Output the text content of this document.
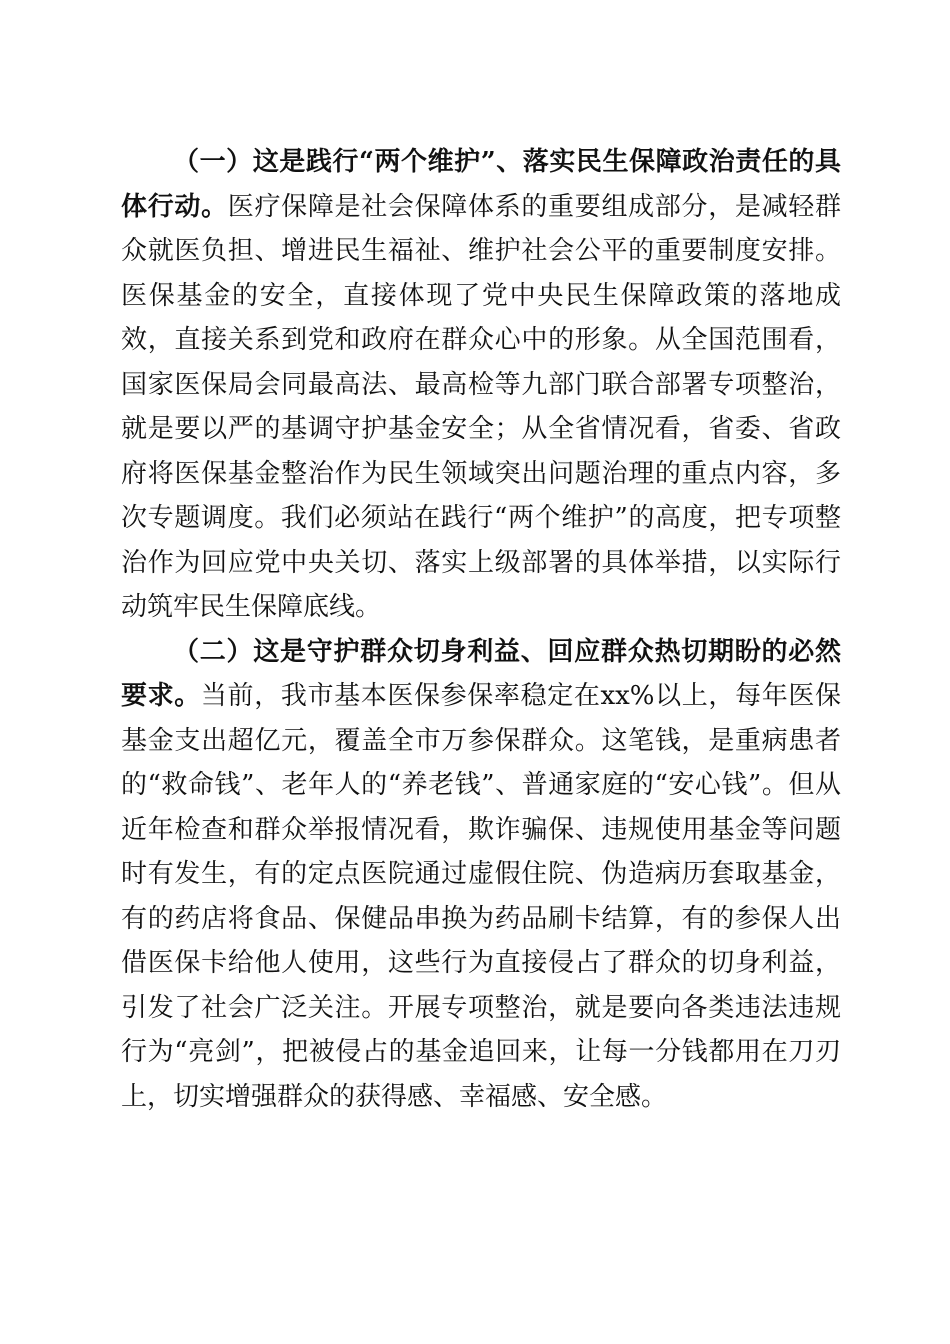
（一）这是践行“两个维护”、落实民生保障政治责任的具体行动。医疗保障是社会保障体系的重要组成部分，是减轻群众就医负担、增进民生福祉、维护社会公平的重要制度安排。医保基金的安全，直接体现了党中央民生保障政策的落地成效，直接关系到党和政府在群众心中的形象。从全国范围看，国家医保局会同最高法、最高检等九部门联合部署专项整治，就是要以严的基调守护基金安全；从全省情况看，省委、省政府将医保基金整治作为民生领域突出问题治理的重点内容，多次专题调度。我们必须站在践行“两个维护”的高度，把专项整治作为回应党中央关切、落实上级部署的具体举措，以实际行动筑牢民生保障底线。

（二）这是守护群众切身利益、回应群众热切期盼的必然要求。当前，我市基本医保参保率稳定在xx%以上，每年医保基金支出超亿元，覆盖全市万参保群众。这笔钱，是重病患者的“救命钱”、老年人的“养老钱”、普通家庭的“安心钱”。但从近年检查和群众举报情况看，欺诈骗保、违规使用基金等问题时有发生，有的定点医院通过虚假住院、伪造病历套取基金，有的药店将食品、保健品串换为药品刷卡结算，有的参保人出借医保卡给他人使用，这些行为直接侵占了群众的切身利益，引发了社会广泛关注。开展专项整治，就是要向各类违法违规行为“亮剑”，把被侵占的基金追回来，让每一分钱都用在刀刃上，切实增强群众的获得感、幸福感、安全感。
